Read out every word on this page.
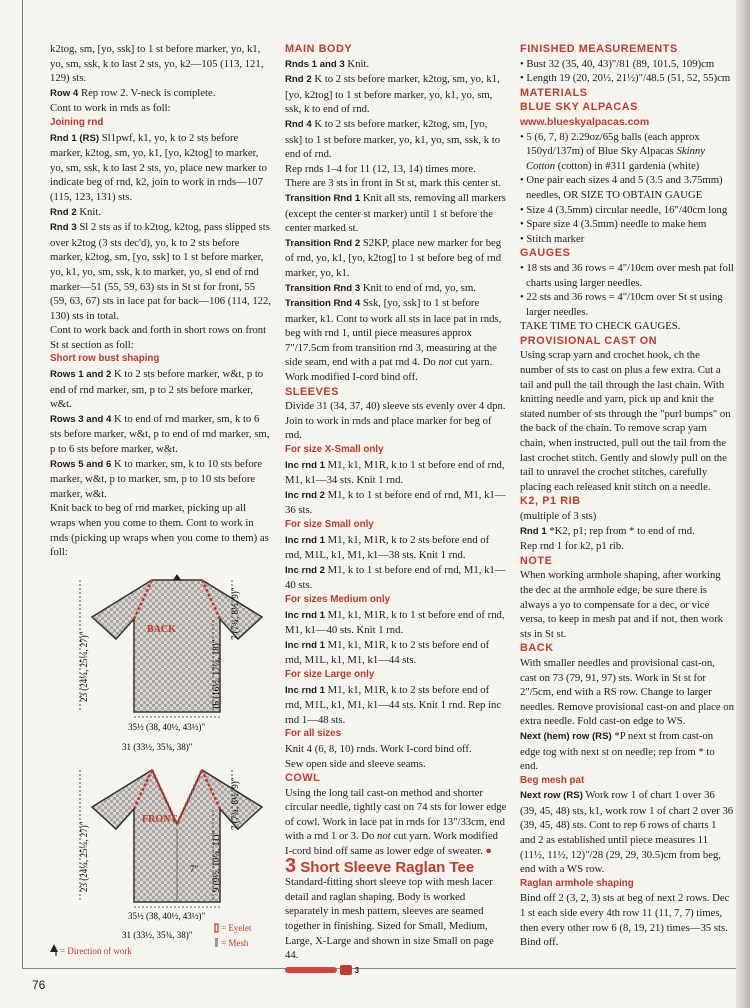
k2tog, sm, [yo, ssk] to 1 st before marker, yo, k1, yo, sm, ssk, k to last 2 sts, yo, k2—105 (113, 121, 129) sts.

Row 4 Rep row 2. V-neck is complete.

Cont to work in rnds as foll:

Joining rnd

Rnd 1 (RS) Sl1pwf, k1, yo, k to 2 sts before marker, k2tog, sm, yo, k1, [yo, k2tog] to marker, yo, sm, ssk, k to last 2 sts, yo, place new marker to indicate beg of rnd, k2, join to work in rnds—107 (115, 123, 131) sts.

Rnd 2 Knit.

Rnd 3 Sl 2 sts as if to k2tog, k2tog, pass slipped sts over k2tog (3 sts dec'd), yo, k to 2 sts before marker, k2tog, sm, [yo, ssk] to 1 st before marker, yo, k1, yo, sm, ssk, k to marker, yo, sl end of rnd marker—51 (55, 59, 63) sts in St st for front, 55 (59, 63, 67) sts in lace pat for back—106 (114, 122, 130) sts in total.

Cont to work back and forth in short rows on front St st section as foll:

Short row bust shaping

Rows 1 and 2 K to 2 sts before marker, w&t, p to end of rnd marker, sm, p to 2 sts before marker, w&t.

Rows 3 and 4 K to end of rnd marker, sm, k to 6 sts before marker, w&t, p to end of rnd marker, sm, p to 6 sts before marker, w&t.

Rows 5 and 6 K to marker, sm, k to 10 sts before marker, w&t, p to marker, sm, p to 10 sts before marker, w&t.

Knit back to beg of rnd marker, picking up all wraps when you come to them. Cont to work in rnds (picking up wraps when you come to them) as foll:

BACK
23 (24¼, 25¼, 27)"
7 (7¾, 8½, 9)"
16 (16½, 17¼, 18)"
35½ (38, 40½, 43½)"
31 (33½, 35¾, 38)"
FRONT
23 (24¼, 25¼, 27)"
7 (7¾, 8½, 9)"
9 (9½, 10¼, 11)"
7"
35½ (38, 40½, 43½)"
31 (33½, 35¾, 38)"
= Eyelet
= Mesh
= Direction of work

MAIN BODY

Rnds 1 and 3 Knit.

Rnd 2 K to 2 sts before marker, k2tog, sm, yo, k1, [yo, k2tog] to 1 st before marker, yo, k1, yo, sm, ssk, k to end of rnd.

Rnd 4 K to 2 sts before marker, k2tog, sm, [yo, ssk] to 1 st before marker, yo, k1, yo, sm, ssk, k to end of rnd.

Rep rnds 1–4 for 11 (12, 13, 14) times more.

There are 3 sts in front in St st, mark this center st.

Transition Rnd 1 Knit all sts, removing all markers (except the center st marker) until 1 st before the center marked st.

Transition Rnd 2 S2KP, place new marker for beg of rnd, yo, k1, [yo, k2tog] to 1 st before beg of rnd marker, yo, k1.

Transition Rnd 3 Knit to end of rnd, yo, sm.

Transition Rnd 4 Ssk, [yo, ssk] to 1 st before marker, k1. Cont to work all sts in lace pat in rnds, beg with rnd 1, until piece measures approx 7"/17.5cm from transition rnd 3, measuring at the side seam, end with a pat rnd 4. Do not cut yarn. Work modified I-cord bind off.

SLEEVES

Divide 31 (34, 37, 40) sleeve sts evenly over 4 dpn. Join to work in rnds and place marker for beg of rnd.

For size X-Small only

Inc rnd 1 M1, k1, M1R, k to 1 st before end of rnd, M1, k1—34 sts. Knit 1 rnd.

Inc rnd 2 M1, k to 1 st before end of rnd, M1, k1—36 sts.

For size Small only

Inc rnd 1 M1, k1, M1R, k to 2 sts before end of rnd, M1L, k1, M1, k1—38 sts. Knit 1 rnd.

Inc rnd 2 M1, k to 1 st before end of rnd, M1, k1—40 sts.

For sizes Medium only

Inc rnd 1 M1, k1, M1R, k to 1 st before end of rnd, M1, k1—40 sts. Knit 1 rnd.

Inc rnd 1 M1, k1, M1R, k to 2 sts before end of rnd, M1L, k1, M1, k1—44 sts.

For size Large only

Inc rnd 1 M1, k1, M1R, k to 2 sts before end of rnd, M1L, k1, M1, k1—44 sts. Knit 1 rnd. Rep inc rnd 1—48 sts.

For all sizes

Knit 4 (6, 8, 10) rnds. Work I-cord bind off.

Sew open side and sleeve seams.

COWL

Using the long tail cast-on method and shorter circular needle, tightly cast on 74 sts for lower edge of cowl. Work in lace pat in rnds for 13"/33cm, end with a rnd 1 or 3. Do not cut yarn. Work modified I-cord bind off same as lower edge of sweater. ●

3 Short Sleeve Raglan Tee

Standard-fitting short sleeve top with mesh lacer detail and raglan shaping. Body is worked separately in mesh pattern, sleeves are seamed together in finishing. Sized for Small, Medium, Large, X-Large and shown in size Small on page 44.

3

FINISHED MEASUREMENTS

• Bust 32 (35, 40, 43)"/81 (89, 101.5, 109)cm

• Length 19 (20, 20½, 21½)"/48.5 (51, 52, 55)cm

MATERIALS

BLUE SKY ALPACAS

www.blueskyalpacas.com

• 5 (6, 7, 8) 2.29oz/65g balls (each approx 150yd/137m) of Blue Sky Alpacas Skinny Cotton (cotton) in #311 gardenia (white)

• One pair each sizes 4 and 5 (3.5 and 3.75mm) needles, OR SIZE TO OBTAIN GAUGE

• Size 4 (3.5mm) circular needle, 16"/40cm long

• Spare size 4 (3.5mm) needle to make hem

• Stitch marker

GAUGES

• 18 sts and 36 rows = 4"/10cm over mesh pat foll charts using larger needles.

• 22 sts and 36 rows = 4"/10cm over St st using larger needles.

TAKE TIME TO CHECK GAUGES.

PROVISIONAL CAST ON

Using scrap yarn and crochet hook, ch the number of sts to cast on plus a few extra. Cut a tail and pull the tail through the last chain. With knitting needle and yarn, pick up and knit the stated number of sts through the "purl bumps" on the back of the chain. To remove scrap yarn chain, when instructed, pull out the tail from the last crochet stitch. Gently and slowly pull on the tail to unravel the crochet stitches, carefully placing each released knit stitch on a needle.

K2, P1 RIB

(multiple of 3 sts)

Rnd 1 *K2, p1; rep from * to end of rnd.

Rep rnd 1 for k2, p1 rib.

NOTE

When working armhole shaping, after working the dec at the armhole edge, be sure there is always a yo to compensate for a dec, or vice versa, to keep in mesh pat and if not, then work sts in St st.

BACK

With smaller needles and provisional cast-on, cast on 73 (79, 91, 97) sts. Work in St st for 2"/5cm, end with a RS row. Change to larger needles. Remove provisional cast-on and place on extra needle. Fold cast-on edge to WS.

Next (hem) row (RS) *P next st from cast-on edge tog with next st on needle; rep from * to end.

Beg mesh pat

Next row (RS) Work row 1 of chart 1 over 36 (39, 45, 48) sts, k1, work row 1 of chart 2 over 36 (39, 45, 48) sts. Cont to rep 6 rows of charts 1 and 2 as established until piece measures 11 (11½, 11½, 12)"/28 (29, 29, 30.5)cm from beg, end with a WS row.

Raglan armhole shaping

Bind off 2 (3, 2, 3) sts at beg of next 2 rows. Dec 1 st each side every 4th row 11 (11, 7, 7) times, then every other row 6 (8, 19, 21) times—35 sts. Bind off.

76
